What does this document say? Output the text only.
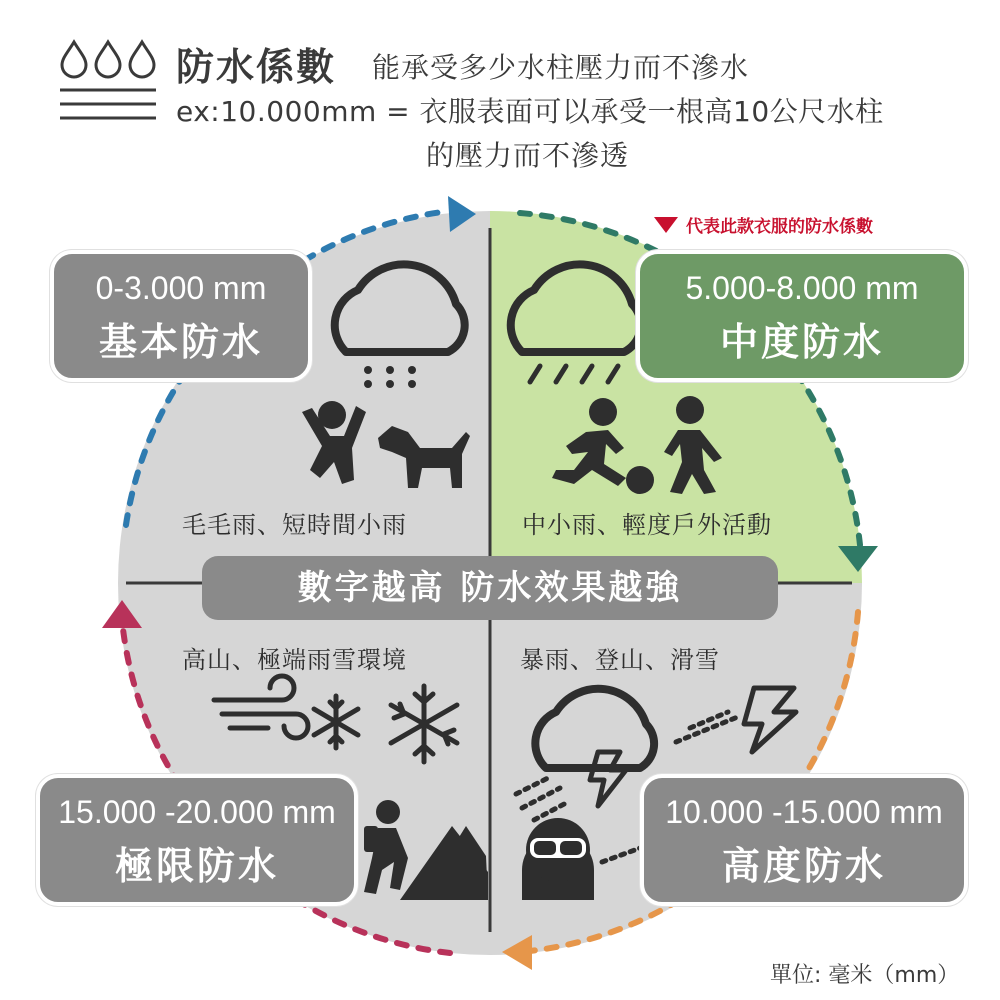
防水係數 能承受多少水柱壓力而不滲水
ex:10.000mm = 衣服表面可以承受一根高10公尺水柱
的壓力而不滲透
代表此款衣服的防水係數
0-3.000 mm
基本防水
5.000-8.000 mm
中度防水
15.000 -20.000 mm
極限防水
10.000 -15.000 mm
高度防水
毛毛雨、短時間小雨	中小雨、輕度戶外活動
高山、極端雨雪環境	暴雨、登山、滑雪
數字越高 防水效果越強
單位: 毫米（mm）
